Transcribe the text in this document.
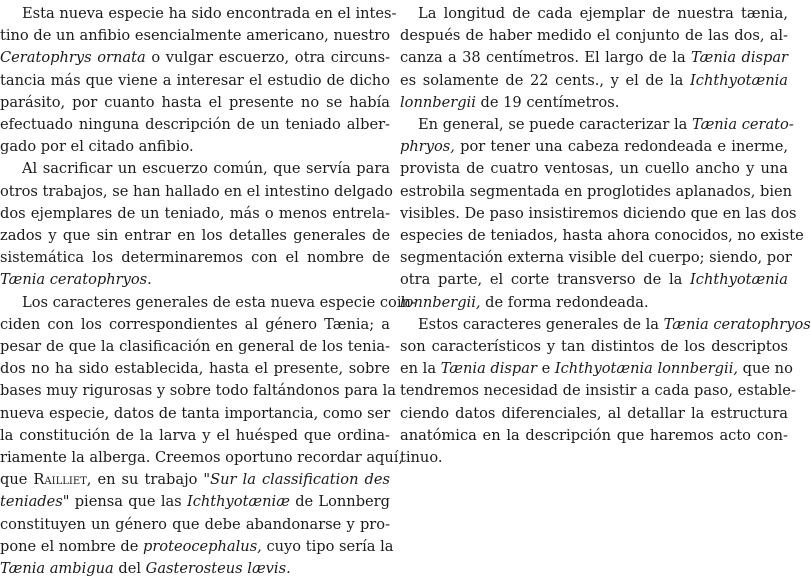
Esta nueva especie ha sido encontrada en el intes-
tino de un anfibio esencialmente americano, nuestro
Ceratophrys ornata o vulgar escuerzo, otra circuns-
tancia más que viene a interesar el estudio de dicho
parásito, por cuanto hasta el presente no se había
efectuado ninguna descripción de un teniado alber-
gado por el citado anfibio.
Al sacrificar un escuerzo común, que servía para
otros trabajos, se han hallado en el intestino delgado
dos ejemplares de un teniado, más o menos entrela-
zados y que sin entrar en los detalles generales de
sistemática los determinaremos con el nombre de
Tænia ceratophryos.
Los caracteres generales de esta nueva especie coin-
ciden con los correspondientes al género Tænia; a
pesar de que la clasificación en general de los tenia-
dos no ha sido establecida, hasta el presente, sobre
bases muy rigurosas y sobre todo faltándonos para la
nueva especie, datos de tanta importancia, como ser
la constitución de la larva y el huésped que ordina-
riamente la alberga. Creemos oportuno recordar aquí,
que Railliet, en su trabajo "Sur la classification des
teniades" piensa que las Ichthyotæniæ de Lonnberg
constituyen un género que debe abandonarse y pro-
pone el nombre de proteocephalus, cuyo tipo sería la
Tænia ambigua del Gasterosteus lævis.
La longitud de cada ejemplar de nuestra tænia,
después de haber medido el conjunto de las dos, al-
canza a 38 centímetros. El largo de la Tænia dispar
es solamente de 22 cents., y el de la Ichthyotænia
lonnbergii de 19 centímetros.
En general, se puede caracterizar la Tænia cerato-
phryos, por tener una cabeza redondeada e inerme,
provista de cuatro ventosas, un cuello ancho y una
estrobila segmentada en proglotides aplanados, bien
visibles. De paso insistiremos diciendo que en las dos
especies de teniados, hasta ahora conocidos, no existe
segmentación externa visible del cuerpo; siendo, por
otra parte, el corte transverso de la Ichthyotænia
lonnbergii, de forma redondeada.
Estos caracteres generales de la Tænia ceratophryos
son característicos y tan distintos de los descriptos
en la Tænia dispar e Ichthyotænia lonnbergii, que no
tendremos necesidad de insistir a cada paso, estable-
ciendo datos diferenciales, al detallar la estructura
anatómica en la descripción que haremos acto con-
tinuo.
